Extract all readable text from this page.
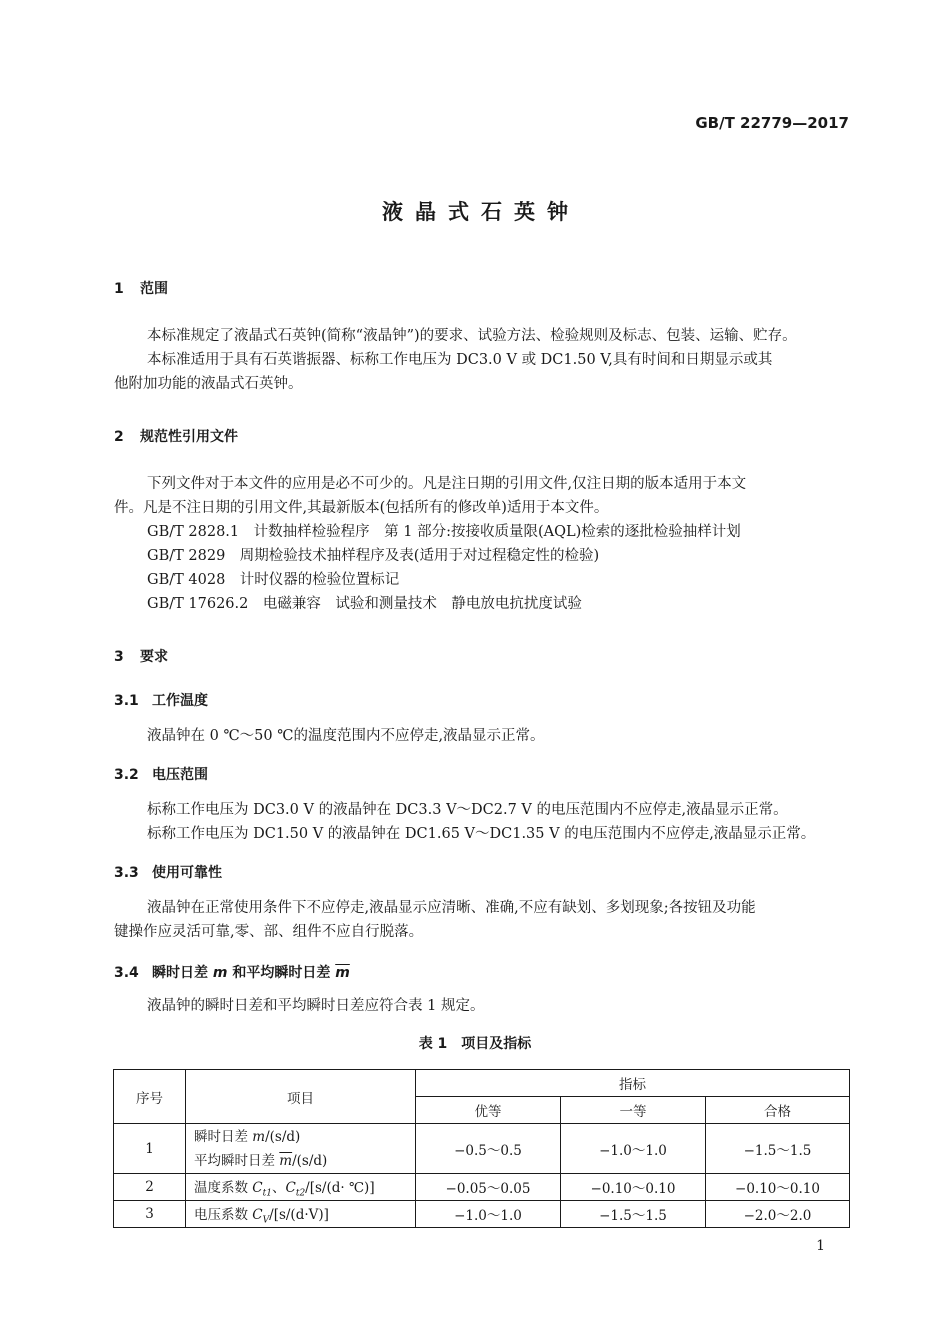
GB/T 22779—2017
液晶式石英钟
1 范围
本标准规定了液晶式石英钟(简称“液晶钟”)的要求、试验方法、检验规则及标志、包装、运输、贮存。
本标准适用于具有石英谐振器、标称工作电压为 DC3.0 V 或 DC1.50 V,具有时间和日期显示或其
他附加功能的液晶式石英钟。
2 规范性引用文件
下列文件对于本文件的应用是必不可少的。凡是注日期的引用文件,仅注日期的版本适用于本文
件。凡是不注日期的引用文件,其最新版本(包括所有的修改单)适用于本文件。
GB/T 2828.1　计数抽样检验程序　第 1 部分:按接收质量限(AQL)检索的逐批检验抽样计划
GB/T 2829　周期检验技术抽样程序及表(适用于对过程稳定性的检验)
GB/T 4028　计时仪器的检验位置标记
GB/T 17626.2　电磁兼容　试验和测量技术　静电放电抗扰度试验
3 要求
3.1 工作温度
液晶钟在 0 ℃～50 ℃的温度范围内不应停走,液晶显示正常。
3.2 电压范围
标称工作电压为 DC3.0 V 的液晶钟在 DC3.3 V～DC2.7 V 的电压范围内不应停走,液晶显示正常。
标称工作电压为 DC1.50 V 的液晶钟在 DC1.65 V～DC1.35 V 的电压范围内不应停走,液晶显示正常。
3.3 使用可靠性
液晶钟在正常使用条件下不应停走,液晶显示应清晰、准确,不应有缺划、多划现象;各按钮及功能
键操作应灵活可靠,零、部、组件不应自行脱落。
3.4 瞬时日差 m 和平均瞬时日差 $\overline{m}$
液晶钟的瞬时日差和平均瞬时日差应符合表 1 规定。
表 1　项目及指标
序号	项目	指标		
		优等	一等	合格
1	瞬时日差 m/(s/d)
平均瞬时日差 $\overline{m}/(s/d)$	−0.5～0.5	−1.0～1.0	−1.5～1.5
2	温度系数 $C_{t1}$、$C_{t2}/[s/(d\cdot$ ℃)]	−0.05～0.05	−0.10～0.10	−0.10～0.10
3	电压系数 $C_V/[s/(d\cdot V)]$	−1.0～1.0	−1.5～1.5	−2.0～2.0
1
